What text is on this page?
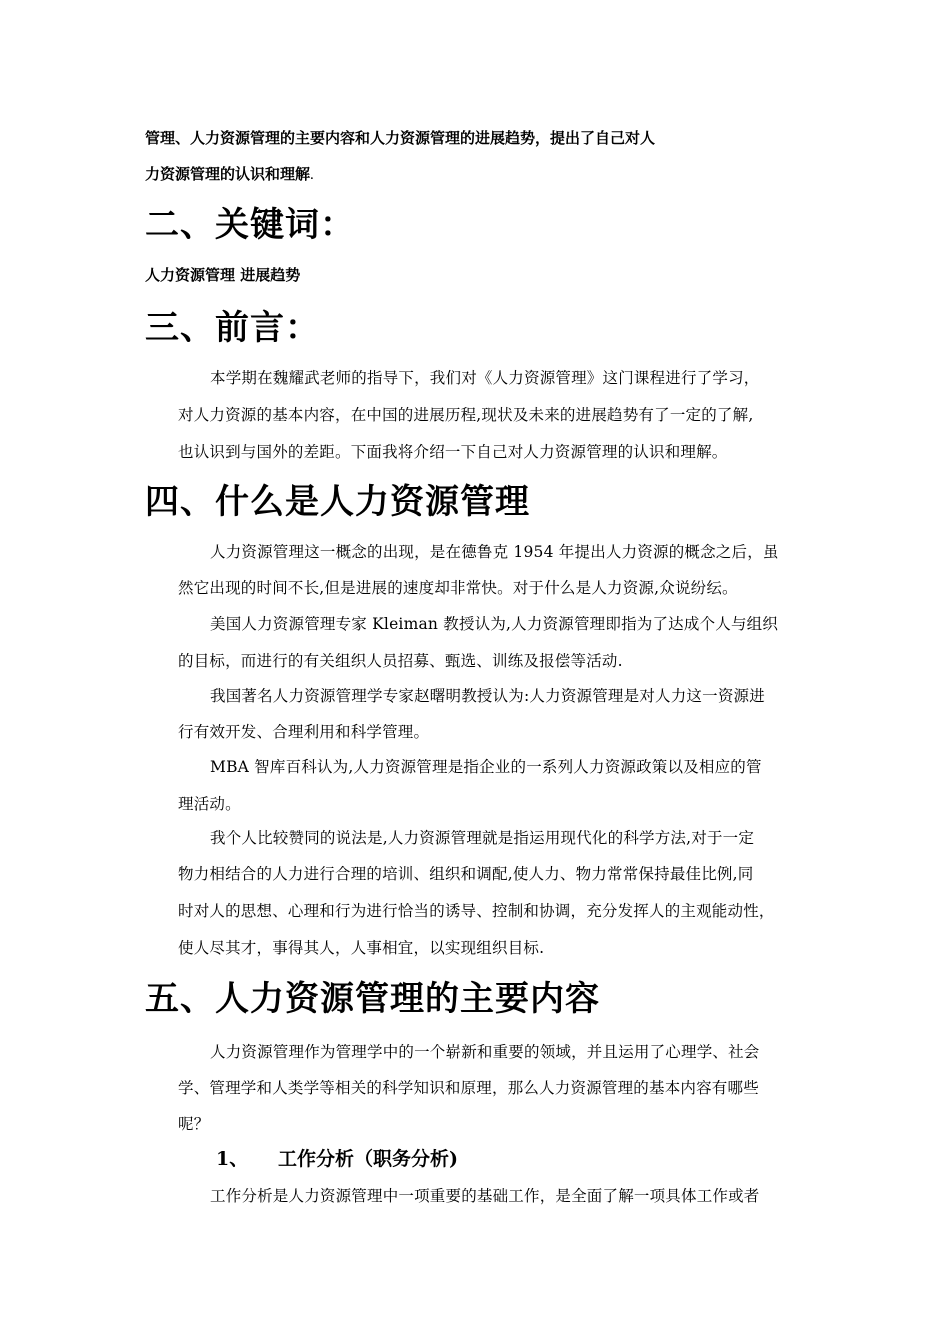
管理、人力资源管理的主要内容和人力资源管理的进展趋势，提出了自己对人

力资源管理的认识和理解.

二、关键词：

人力资源管理 进展趋势

三、前言：

本学期在魏耀武老师的指导下，我们对《人力资源管理》这门课程进行了学习，

对人力资源的基本内容，在中国的进展历程,现状及未来的进展趋势有了一定的了解,

也认识到与国外的差距。下面我将介绍一下自己对人力资源管理的认识和理解。

四、什么是人力资源管理

人力资源管理这一概念的出现，是在德鲁克 1954 年提出人力资源的概念之后，虽

然它出现的时间不长,但是进展的速度却非常快。对于什么是人力资源,众说纷纭。

美国人力资源管理专家 Kleiman 教授认为,人力资源管理即指为了达成个人与组织

的目标，而进行的有关组织人员招募、甄选、训练及报偿等活动.

我国著名人力资源管理学专家赵曙明教授认为:人力资源管理是对人力这一资源进

行有效开发、合理利用和科学管理。

MBA 智库百科认为,人力资源管理是指企业的一系列人力资源政策以及相应的管

理活动。

我个人比较赞同的说法是,人力资源管理就是指运用现代化的科学方法,对于一定

物力相结合的人力进行合理的培训、组织和调配,使人力、物力常常保持最佳比例,同

时对人的思想、心理和行为进行恰当的诱导、控制和协调，充分发挥人的主观能动性，

使人尽其才，事得其人，人事相宜，以实现组织目标.

五、人力资源管理的主要内容

人力资源管理作为管理学中的一个崭新和重要的领域，并且运用了心理学、社会

学、管理学和人类学等相关的科学知识和原理，那么人力资源管理的基本内容有哪些

呢？

1、 工作分析（职务分析)

工作分析是人力资源管理中一项重要的基础工作，是全面了解一项具体工作或者
